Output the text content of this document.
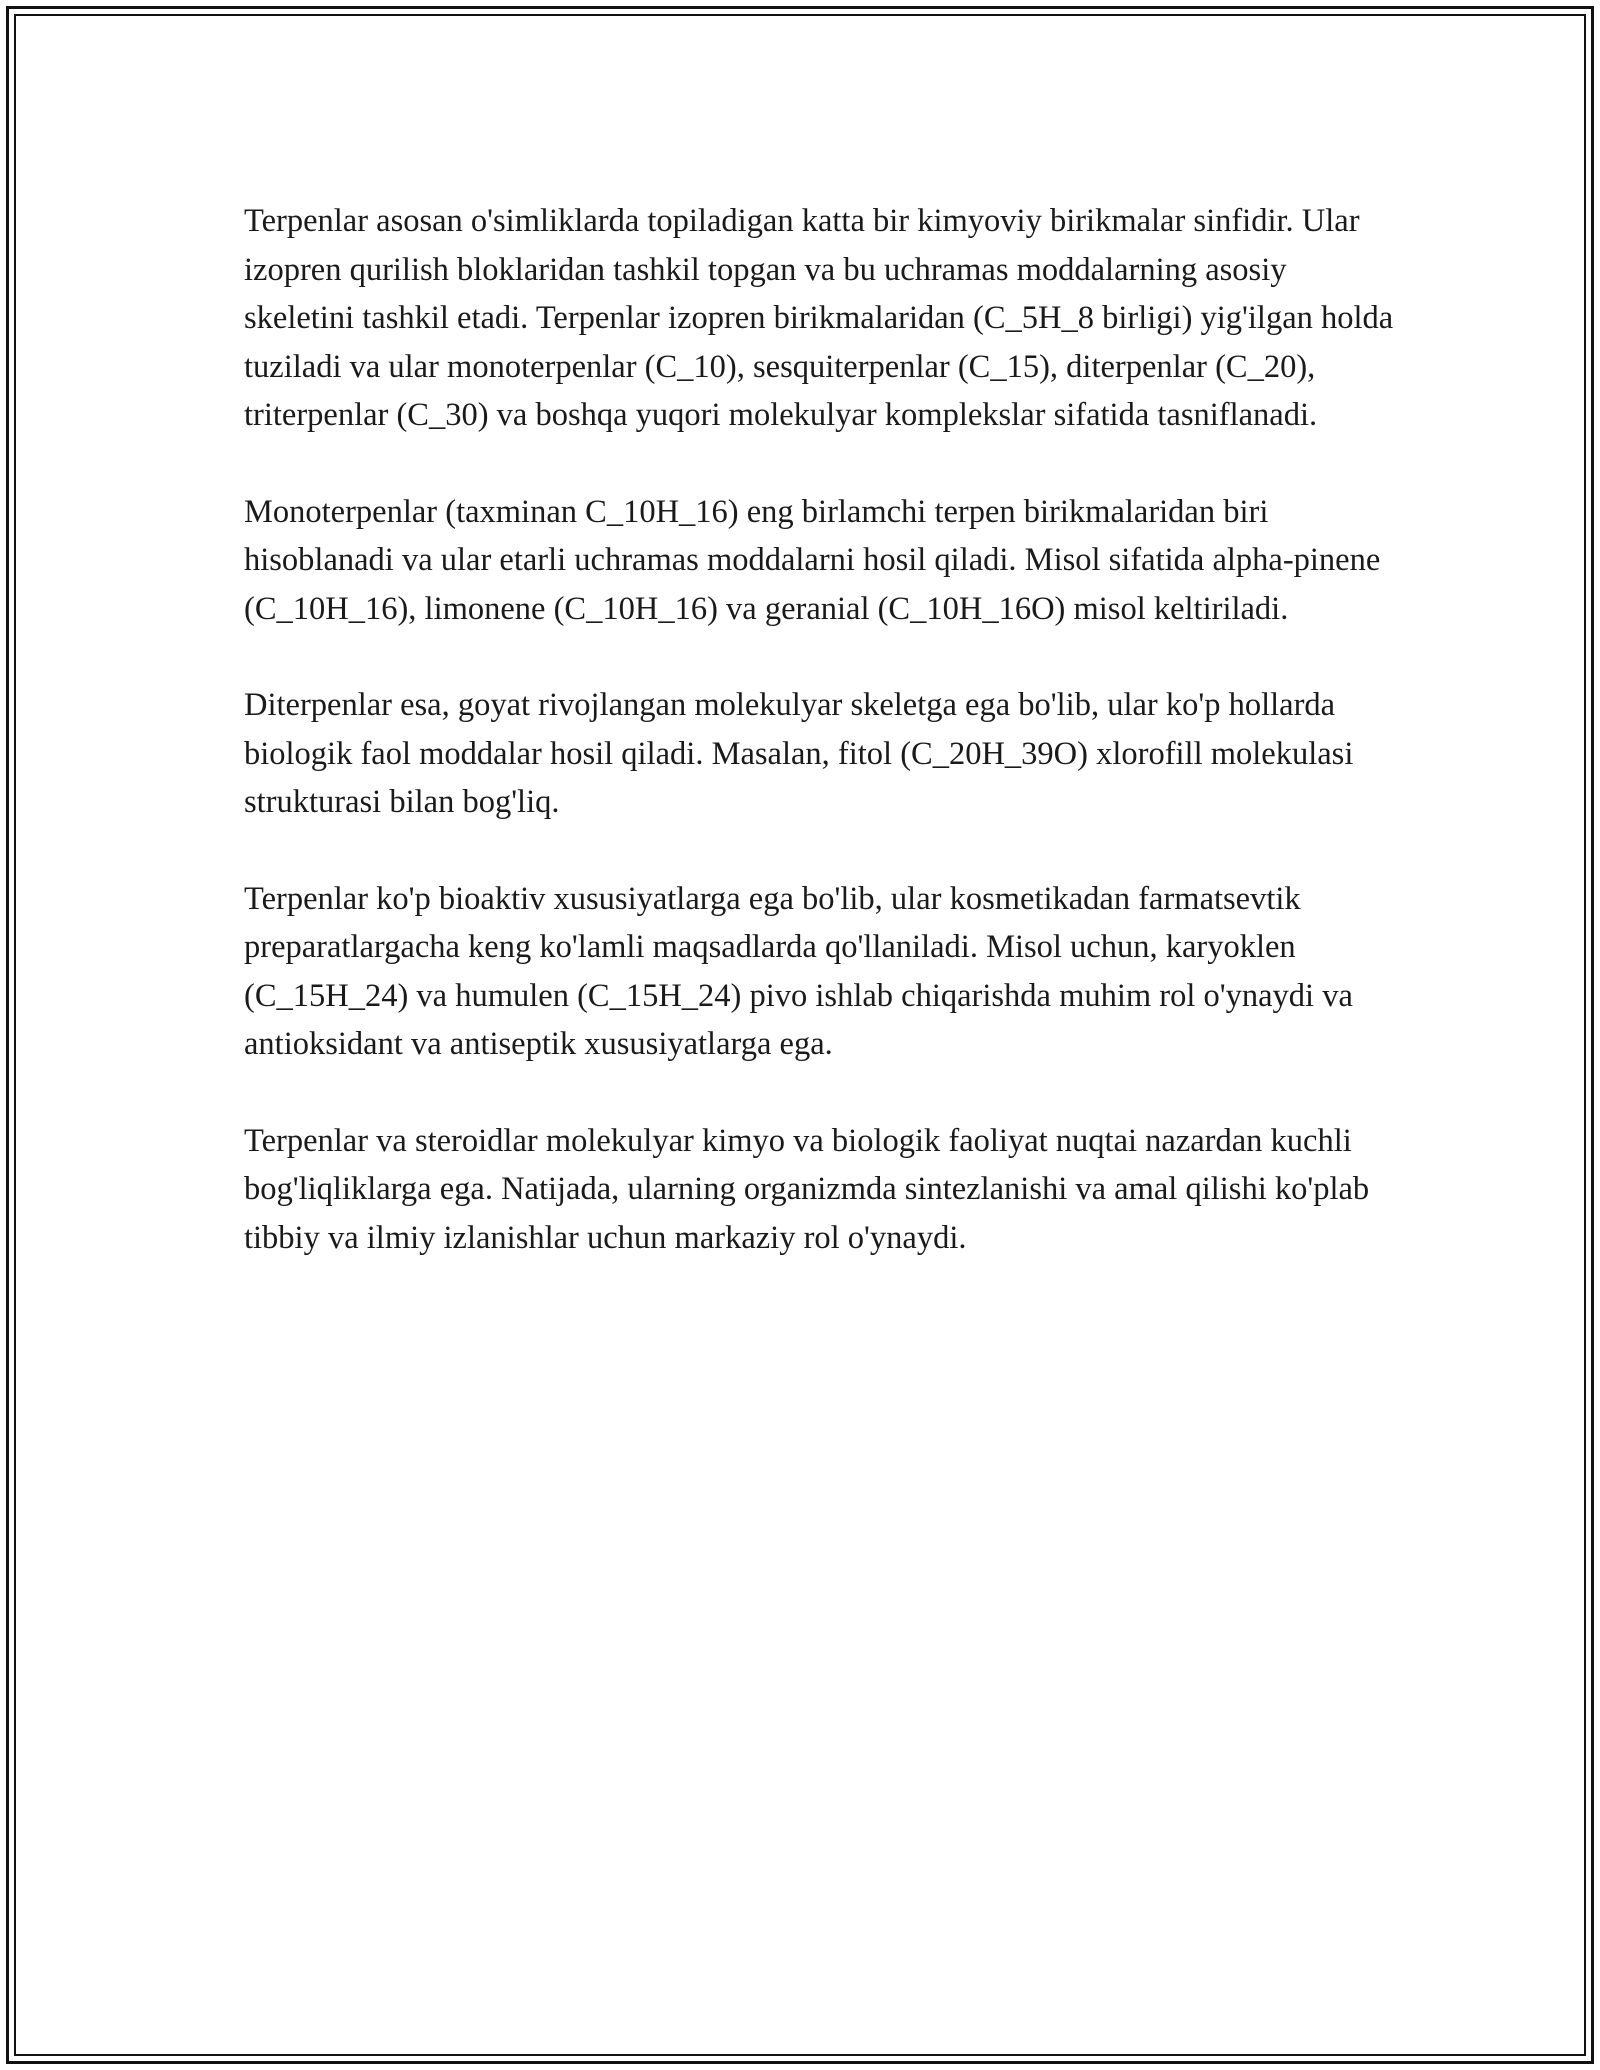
Terpenlar asosan o'simliklarda topiladigan katta bir kimyoviy birikmalar sinfidir. Ular izopren qurilish bloklaridan tashkil topgan va bu uchramas moddalarning asosiy skeletini tashkil etadi. Terpenlar izopren birikmalaridan (C_5H_8 birligi) yig'ilgan holda tuziladi va ular monoterpenlar (C_10), sesquiterpenlar (C_15), diterpenlar (C_20), triterpenlar (C_30) va boshqa yuqori molekulyar komplekslar sifatida tasniflanadi.

Monoterpenlar (taxminan C_10H_16) eng birlamchi terpen birikmalaridan biri hisoblanadi va ular etarli uchramas moddalarni hosil qiladi. Misol sifatida alpha-pinene (C_10H_16), limonene (C_10H_16) va geranial (C_10H_16O) misol keltiriladi.

Diterpenlar esa, goyat rivojlangan molekulyar skeletga ega bo'lib, ular ko'p hollarda biologik faol moddalar hosil qiladi. Masalan, fitol (C_20H_39O) xlorofill molekulasi strukturasi bilan bog'liq.

Terpenlar ko'p bioaktiv xususiyatlarga ega bo'lib, ular kosmetikadan farmatsevtik preparatlargacha keng ko'lamli maqsadlarda qo'llaniladi. Misol uchun, karyoklen (C_15H_24) va humulen (C_15H_24) pivo ishlab chiqarishda muhim rol o'ynaydi va antioksidant va antiseptik xususiyatlarga ega.

Terpenlar va steroidlar molekulyar kimyo va biologik faoliyat nuqtai nazardan kuchli bog'liqliklarga ega. Natijada, ularning organizmda sintezlanishi va amal qilishi ko'plab tibbiy va ilmiy izlanishlar uchun markaziy rol o'ynaydi.
